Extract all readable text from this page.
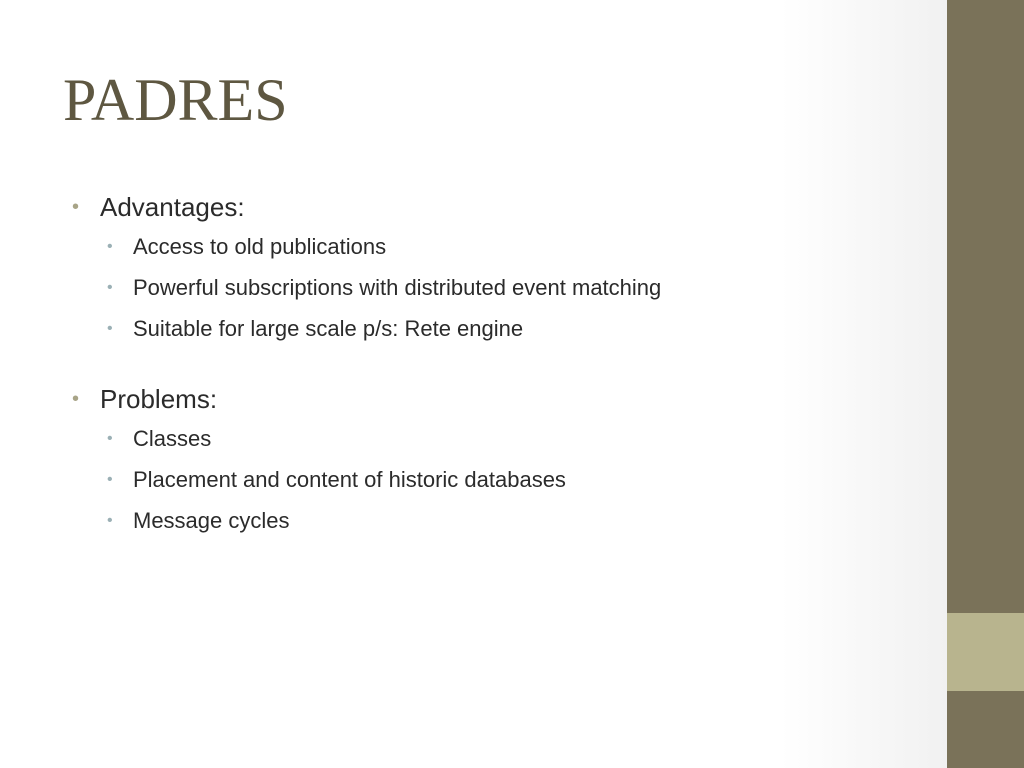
PADRES
• Advantages:
• Access to old publications
• Powerful subscriptions with distributed event matching
• Suitable for large scale p/s: Rete engine
• Problems:
• Classes
• Placement and content of historic databases
• Message cycles
